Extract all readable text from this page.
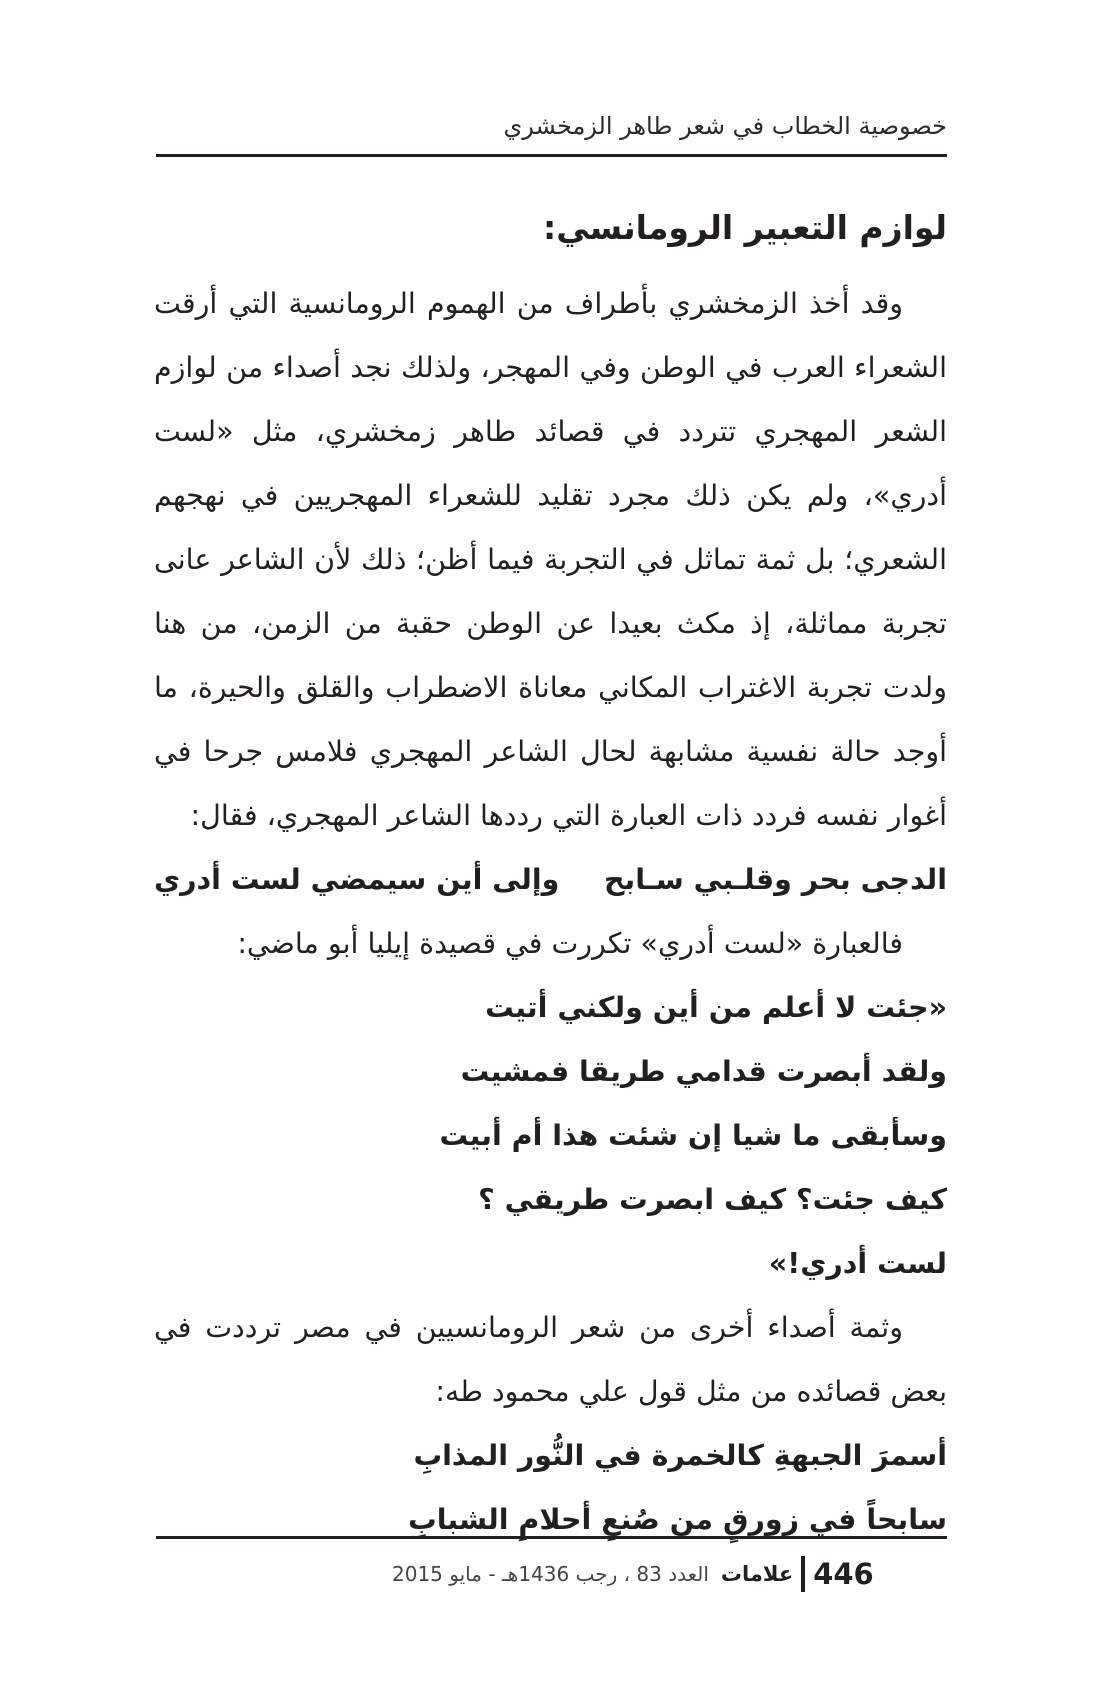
خصوصية الخطاب في شعر طاهر الزمخشري
لوازم التعبير الرومانسي:
وقد أخذ الزمخشري بأطراف من الهموم الرومانسية التي أرقت الشعراء العرب في الوطن وفي المهجر، ولذلك نجد أصداء من لوازم الشعر المهجري تتردد في قصائد طاهر زمخشري، مثل «لست أدري»، ولم يكن ذلك مجرد تقليد للشعراء المهجريين في نهجهم الشعري؛ بل ثمة تماثل في التجربة فيما أظن؛ ذلك لأن الشاعر عانى تجربة مماثلة، إذ مكث بعيدا عن الوطن حقبة من الزمن، من هنا ولدت تجربة الاغتراب المكاني معاناة الاضطراب والقلق والحيرة، ما أوجد حالة نفسية مشابهة لحال الشاعر المهجري فلامس جرحا في أغوار نفسه فردد ذات العبارة التي رددها الشاعر المهجري، فقال:
الدجى بحر وقلـبي سـابح
وإلى أين سيمضي لست أدري
فالعبارة «لست أدري» تكررت في قصيدة إيليا أبو ماضي:
«جئت لا أعلم من أين ولكني أتيت
ولقد أبصرت قدامي طريقا فمشيت
وسأبقى ما شيا إن شئت هذا أم أبيت
كيف جئت؟ كيف ابصرت طريقي ؟
لست أدري!»
وثمة أصداء أخرى من شعر الرومانسيين في مصر ترددت في بعض قصائده من مثل قول علي محمود طه:
أسمرَ الجبهةِ كالخمرة في النُّور المذابِ
سابحاً في زورقٍ من صُنعِ أحلامِ الشبابِ
العدد 83 ، رجب 1436هـ - مايو 2015 علامات 446
